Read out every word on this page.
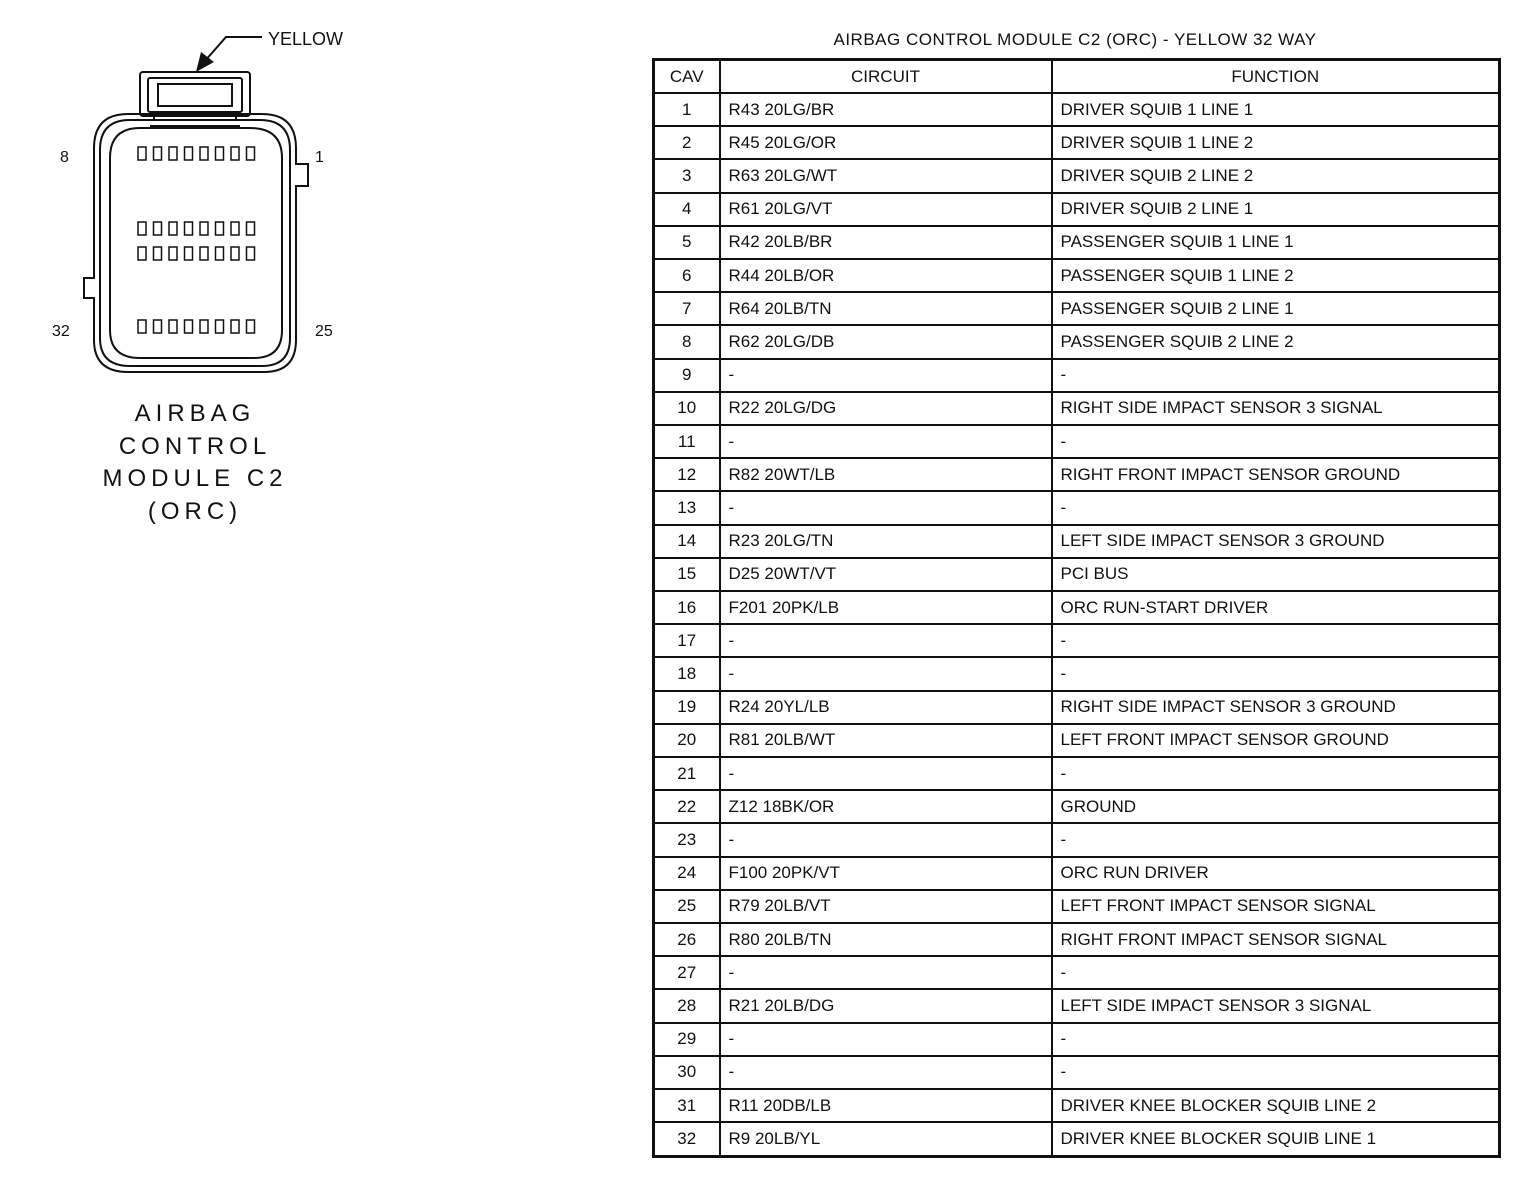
YELLOW
8	1
32	25
AIRBAG
CONTROL
MODULE C2
(ORC)
AIRBAG CONTROL MODULE C2 (ORC) - YELLOW 32 WAY
CAV	CIRCUIT	FUNCTION
1	R43 20LG/BR	DRIVER SQUIB 1 LINE 1
2	R45 20LG/OR	DRIVER SQUIB 1 LINE 2
3	R63 20LG/WT	DRIVER SQUIB 2 LINE 2
4	R61 20LG/VT	DRIVER SQUIB 2 LINE 1
5	R42 20LB/BR	PASSENGER SQUIB 1 LINE 1
6	R44 20LB/OR	PASSENGER SQUIB 1 LINE 2
7	R64 20LB/TN	PASSENGER SQUIB 2 LINE 1
8	R62 20LG/DB	PASSENGER SQUIB 2 LINE 2
9	-	-
10	R22 20LG/DG	RIGHT SIDE IMPACT SENSOR 3 SIGNAL
11	-	-
12	R82 20WT/LB	RIGHT FRONT IMPACT SENSOR GROUND
13	-	-
14	R23 20LG/TN	LEFT SIDE IMPACT SENSOR 3 GROUND
15	D25 20WT/VT	PCI BUS
16	F201 20PK/LB	ORC RUN-START DRIVER
17	-	-
18	-	-
19	R24 20YL/LB	RIGHT SIDE IMPACT SENSOR 3 GROUND
20	R81 20LB/WT	LEFT FRONT IMPACT SENSOR GROUND
21	-	-
22	Z12 18BK/OR	GROUND
23	-	-
24	F100 20PK/VT	ORC RUN DRIVER
25	R79 20LB/VT	LEFT FRONT IMPACT SENSOR SIGNAL
26	R80 20LB/TN	RIGHT FRONT IMPACT SENSOR SIGNAL
27	-	-
28	R21 20LB/DG	LEFT SIDE IMPACT SENSOR 3 SIGNAL
29	-	-
30	-	-
31	R11 20DB/LB	DRIVER KNEE BLOCKER SQUIB LINE 2
32	R9 20LB/YL	DRIVER KNEE BLOCKER SQUIB LINE 1
